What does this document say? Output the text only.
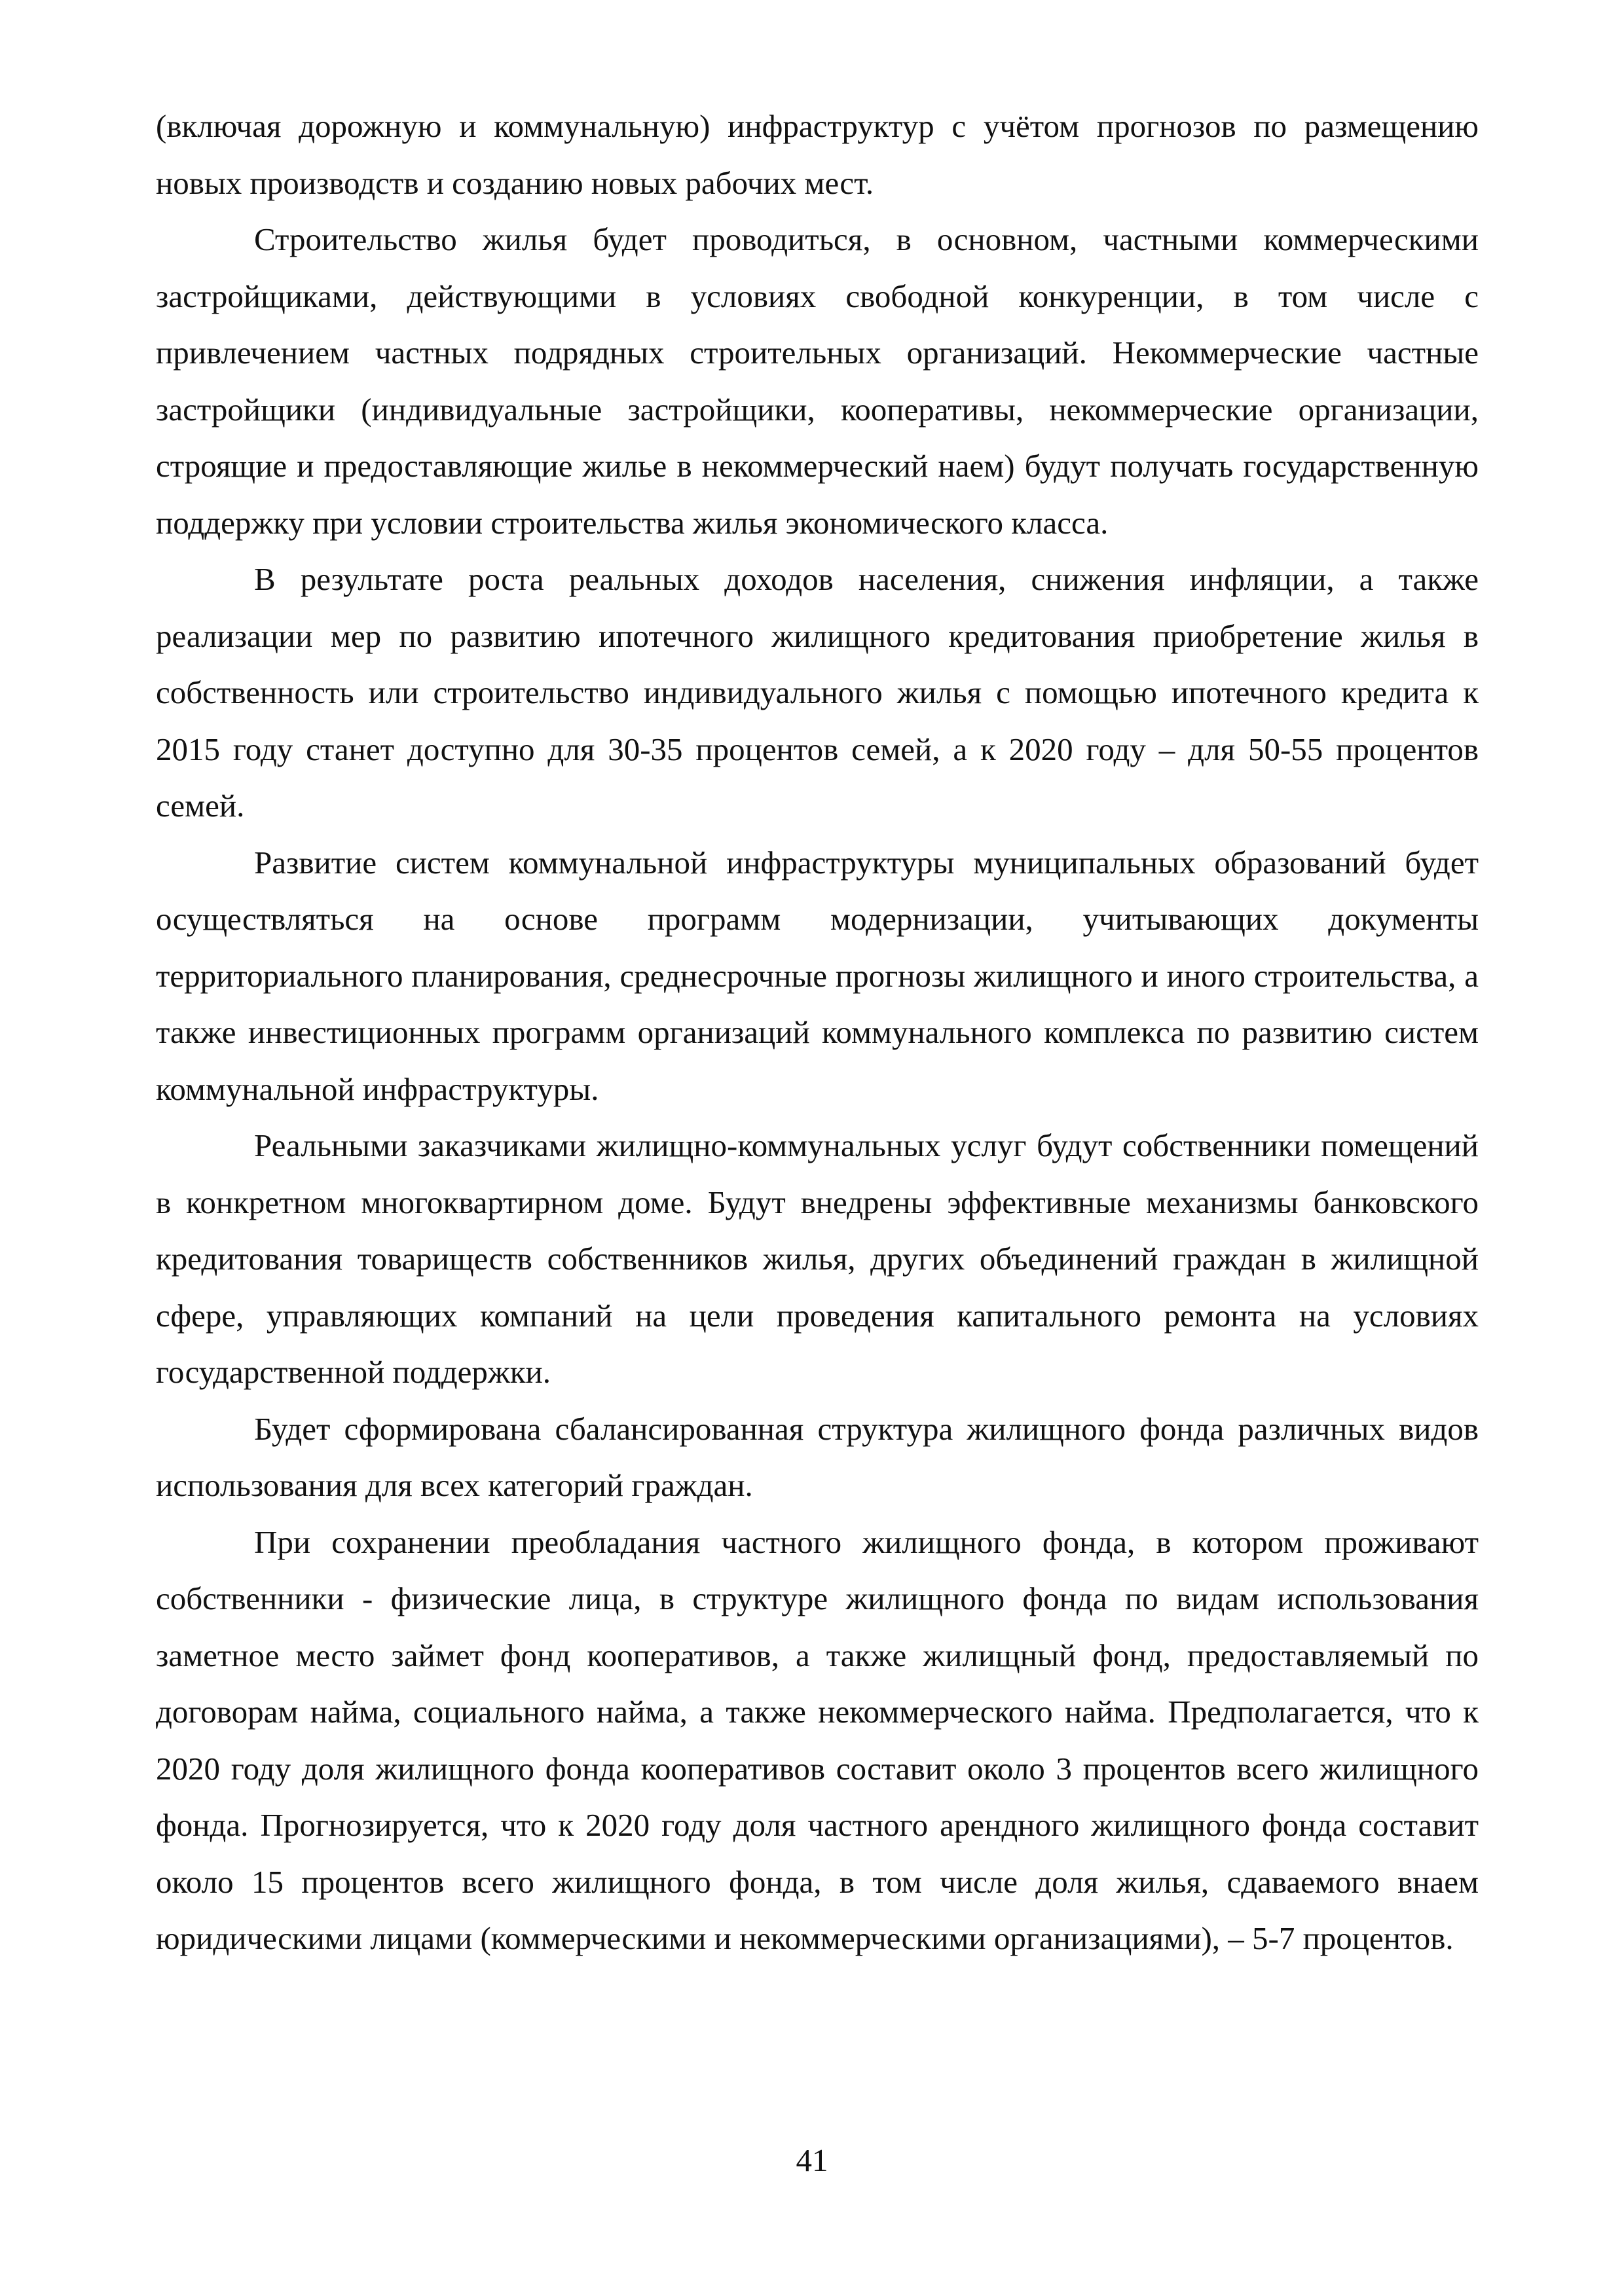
(включая дорожную и коммунальную) инфраструктур с учётом прогнозов по размещению новых производств и созданию новых рабочих мест.

Строительство жилья будет проводиться, в основном, частными коммерческими застройщиками, действующими в условиях свободной конкуренции, в том числе с привлечением частных подрядных строительных организаций. Некоммерческие частные застройщики (индивидуальные застройщики, кооперативы, некоммерческие организации, строящие и предоставляющие жилье в некоммерческий наем) будут получать государственную поддержку при условии строительства жилья экономического класса.

В результате роста реальных доходов населения, снижения инфляции, а также реализации мер по развитию ипотечного жилищного кредитования приобретение жилья в собственность или строительство индивидуального жилья с помощью ипотечного кредита к 2015 году станет доступно для 30-35 процентов семей, а к 2020 году – для 50-55 процентов семей.

Развитие систем коммунальной инфраструктуры муниципальных образований будет осуществляться на основе программ модернизации, учитывающих документы территориального планирования, среднесрочные прогнозы жилищного и иного строительства, а также инвестиционных программ организаций коммунального комплекса по развитию систем коммунальной инфраструктуры.

Реальными заказчиками жилищно-коммунальных услуг будут собственники помещений в конкретном многоквартирном доме. Будут внедрены эффективные механизмы банковского кредитования товариществ собственников жилья, других объединений граждан в жилищной сфере, управляющих компаний на цели проведения капитального ремонта на условиях государственной поддержки.

Будет сформирована сбалансированная структура жилищного фонда различных видов использования для всех категорий граждан.

При сохранении преобладания частного жилищного фонда, в котором проживают собственники - физические лица, в структуре жилищного фонда по видам использования заметное место займет фонд кооперативов, а также жилищный фонд, предоставляемый по договорам найма, социального найма, а также некоммерческого найма. Предполагается, что к 2020 году доля жилищного фонда кооперативов составит около 3 процентов всего жилищного фонда. Прогнозируется, что к 2020 году доля частного арендного жилищного фонда составит около 15 процентов всего жилищного фонда, в том числе доля жилья, сдаваемого внаем юридическими лицами (коммерческими и некоммерческими организациями), – 5-7 процентов.

41
